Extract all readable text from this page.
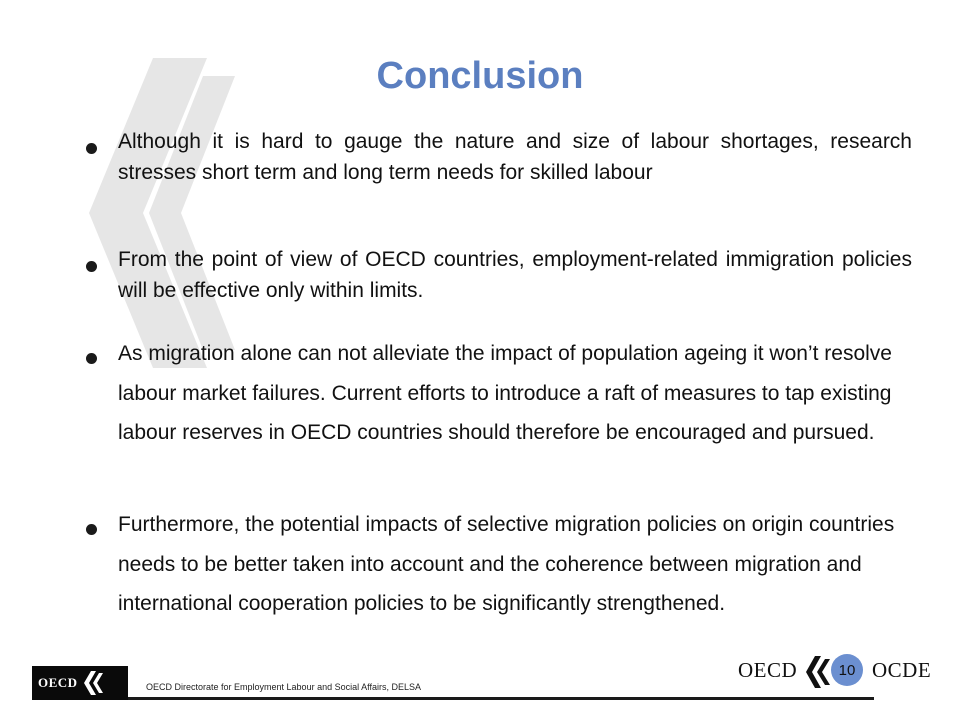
Conclusion
Although it is hard to gauge the nature and size of labour shortages, research stresses short term and long term needs for skilled labour
From the point of view of OECD countries, employment-related immigration policies will be effective only within limits.
As migration alone can not alleviate the impact of population ageing it won’t resolve labour market failures. Current efforts to introduce a raft of measures to tap existing labour reserves in OECD countries should therefore be encouraged and pursued.
Furthermore, the potential impacts of selective migration policies on origin countries needs to be better taken into account and the coherence between migration and international cooperation policies to be significantly strengthened.
OECD	OECD Directorate for Employment Labour and Social Affairs, DELSA
OECD	10 OCDE
